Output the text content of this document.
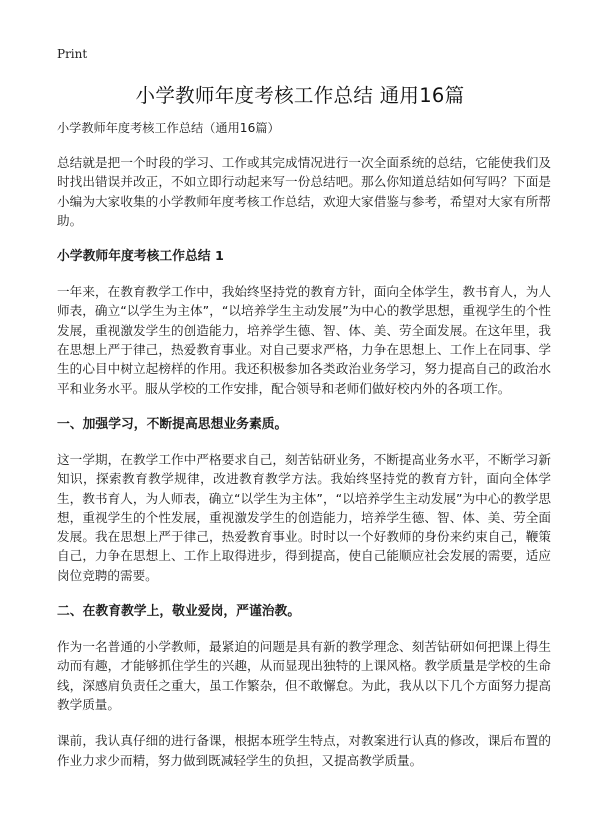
Print
小学教师年度考核工作总结 通用16篇
小学教师年度考核工作总结（通用16篇）

总结就是把一个时段的学习、工作或其完成情况进行一次全面系统的总结，它能使我们及时找出错误并改正，不如立即行动起来写一份总结吧。那么你知道总结如何写吗？下面是小编为大家收集的小学教师年度考核工作总结，欢迎大家借鉴与参考，希望对大家有所帮助。

小学教师年度考核工作总结 1

一年来，在教育教学工作中，我始终坚持党的教育方针，面向全体学生，教书育人，为人师表，确立“以学生为主体”，“以培养学生主动发展”为中心的教学思想，重视学生的个性发展，重视激发学生的创造能力，培养学生德、智、体、美、劳全面发展。在这年里，我在思想上严于律己，热爱教育事业。对自己要求严格，力争在思想上、工作上在同事、学生的心目中树立起榜样的作用。我还积极参加各类政治业务学习，努力提高自己的政治水平和业务水平。服从学校的工作安排，配合领导和老师们做好校内外的各项工作。

一、加强学习，不断提高思想业务素质。

这一学期，在教学工作中严格要求自己，刻苦钻研业务，不断提高业务水平，不断学习新知识，探索教育教学规律，改进教育教学方法。我始终坚持党的教育方针，面向全体学生，教书育人，为人师表，确立“以学生为主体”，“以培养学生主动发展”为中心的教学思想，重视学生的个性发展，重视激发学生的创造能力，培养学生德、智、体、美、劳全面发展。我在思想上严于律己，热爱教育事业。时时以一个好教师的身份来约束自己，鞭策自己，力争在思想上、工作上取得进步，得到提高，使自己能顺应社会发展的需要，适应岗位竞聘的需要。

二、在教育教学上，敬业爱岗，严谨治教。

作为一名普通的小学教师，最紧迫的问题是具有新的教学理念、刻苦钻研如何把课上得生动而有趣，才能够抓住学生的兴趣，从而显现出独特的上课风格。教学质量是学校的生命线，深感肩负责任之重大，虽工作繁杂，但不敢懈怠。为此，我从以下几个方面努力提高教学质量。

课前，我认真仔细的进行备课，根据本班学生特点，对教案进行认真的修改，课后布置的作业力求少而精，努力做到既减轻学生的负担，又提高教学质量。
